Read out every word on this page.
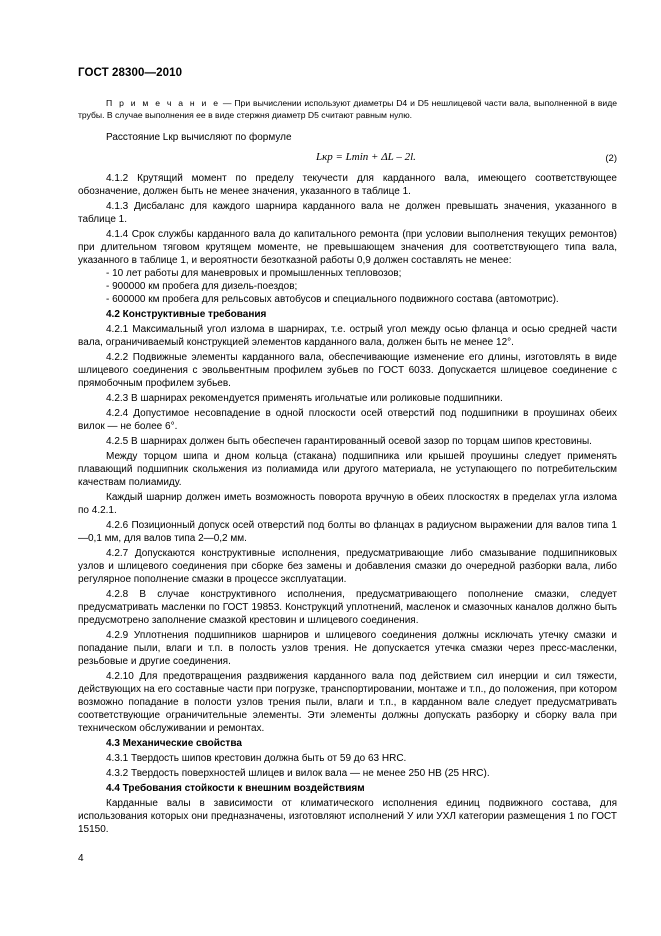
ГОСТ 28300—2010

П р и м е ч а н и е — При вычислении используют диаметры D4 и D5 нешлицевой части вала, выполненной в виде трубы. В случае выполнения ее в виде стержня диаметр D5 считают равным нулю.

Расстояние Lкр вычисляют по формуле

Lкр = Lmin + ΔL – 2l.	(2)

4.1.2 Крутящий момент по пределу текучести для карданного вала, имеющего соответствующее обозначение, должен быть не менее значения, указанного в таблице 1.

4.1.3 Дисбаланс для каждого шарнира карданного вала не должен превышать значения, указанного в таблице 1.

4.1.4 Срок службы карданного вала до капитального ремонта (при условии выполнения текущих ремонтов) при длительном тяговом крутящем моменте, не превышающем значения для соответствующего типа вала, указанного в таблице 1, и вероятности безотказной работы 0,9 должен составлять не менее:

- 10 лет работы для маневровых и промышленных тепловозов;

- 900000 км пробега для дизель-поездов;

- 600000 км пробега для рельсовых автобусов и специального подвижного состава (автомотрис).

4.2 Конструктивные требования

4.2.1 Максимальный угол излома в шарнирах, т.е. острый угол между осью фланца и осью средней части вала, ограничиваемый конструкцией элементов карданного вала, должен быть не менее 12°.

4.2.2 Подвижные элементы карданного вала, обеспечивающие изменение его длины, изготовлять в виде шлицевого соединения с эвольвентным профилем зубьев по ГОСТ 6033. Допускается шлицевое соединение с прямобочным профилем зубьев.

4.2.3 В шарнирах рекомендуется применять игольчатые или роликовые подшипники.

4.2.4 Допустимое несовпадение в одной плоскости осей отверстий под подшипники в проушинах обеих вилок — не более 6°.

4.2.5 В шарнирах должен быть обеспечен гарантированный осевой зазор по торцам шипов крестовины.

Между торцом шипа и дном кольца (стакана) подшипника или крышей проушины следует применять плавающий подшипник скольжения из полиамида или другого материала, не уступающего по потребительским качествам полиамиду.

Каждый шарнир должен иметь возможность поворота вручную в обеих плоскостях в пределах угла излома по 4.2.1.

4.2.6 Позиционный допуск осей отверстий под болты во фланцах в радиусном выражении для валов типа 1—0,1 мм, для валов типа 2—0,2 мм.

4.2.7 Допускаются конструктивные исполнения, предусматривающие либо смазывание подшипниковых узлов и шлицевого соединения при сборке без замены и добавления смазки до очередной разборки вала, либо регулярное пополнение смазки в процессе эксплуатации.

4.2.8 В случае конструктивного исполнения, предусматривающего пополнение смазки, следует предусматривать масленки по ГОСТ 19853. Конструкций уплотнений, масленок и смазочных каналов должно быть предусмотрено заполнение смазкой крестовин и шлицевого соединения.

4.2.9 Уплотнения подшипников шарниров и шлицевого соединения должны исключать утечку смазки и попадание пыли, влаги и т.п. в полость узлов трения. Не допускается утечка смазки через пресс-масленки, резьбовые и другие соединения.

4.2.10 Для предотвращения раздвижения карданного вала под действием сил инерции и сил тяжести, действующих на его составные части при погрузке, транспортировании, монтаже и т.п., до положения, при котором возможно попадание в полости узлов трения пыли, влаги и т.п., в карданном вале следует предусматривать соответствующие ограничительные элементы. Эти элементы должны допускать разборку и сборку вала при техническом обслуживании и ремонтах.

4.3 Механические свойства

4.3.1 Твердость шипов крестовин должна быть от 59 до 63 HRC.

4.3.2 Твердость поверхностей шлицев и вилок вала — не менее 250 HB (25 HRC).

4.4 Требования стойкости к внешним воздействиям

Карданные валы в зависимости от климатического исполнения единиц подвижного состава, для использования которых они предназначены, изготовляют исполнений У или УХЛ категории размещения 1 по ГОСТ 15150.

4
